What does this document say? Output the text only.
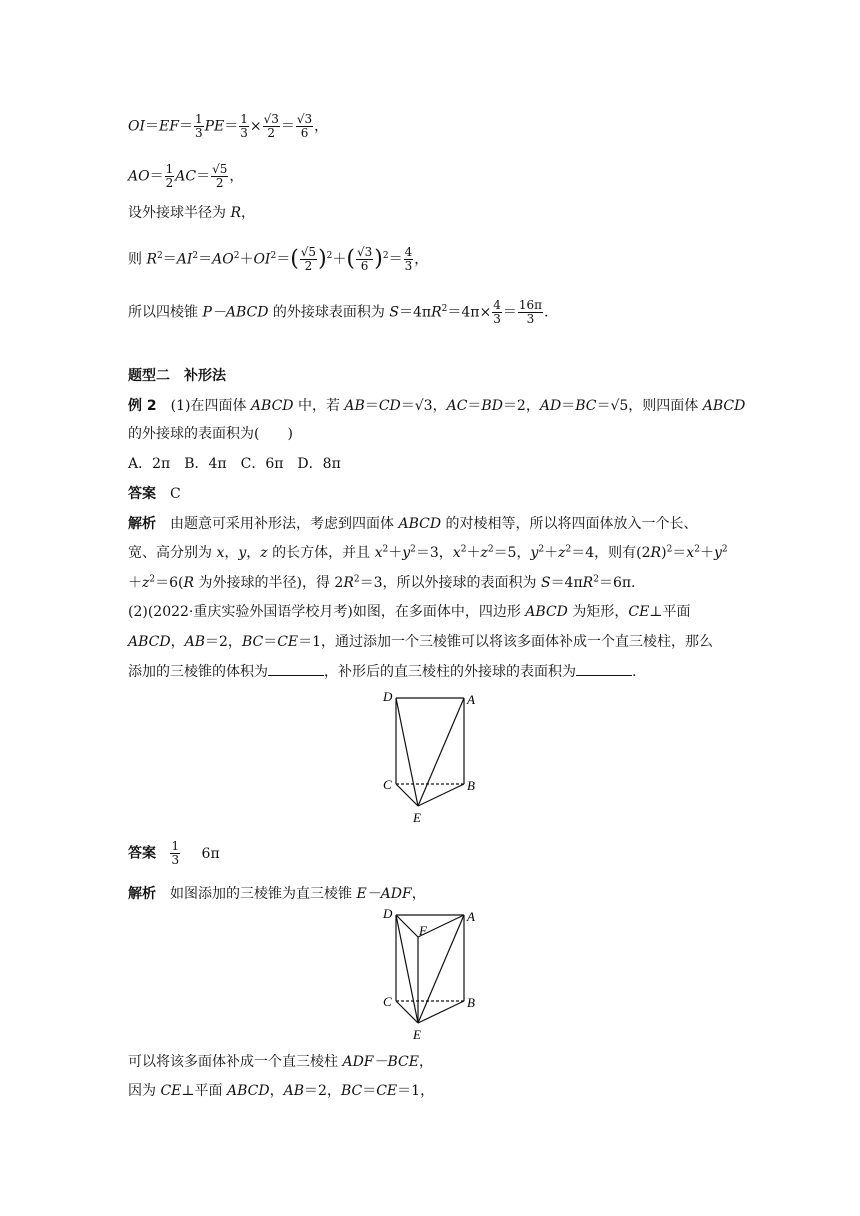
$OI=EF= \frac{1}{3} PE= \frac{1}{3} \times \frac{√3}{2} = \frac{√3}{6}$ ，
$AO= \frac{1}{2} AC= \frac{√5}{2}$ ，
设外接球半径为 R，
则 $R^2=AI^2=AO^2+OI^2=( \frac{√5}{2} )^2+( \frac{√3}{6} )^2= \frac{4}{3}$ ，
所以四棱锥 P－ABCD 的外接球表面积为 $S=4\pi R^2=4\pi\times \frac{4}{3} = \frac{16\pi}{3}$ .
题型二　补形法
例 2　(1)在四面体 ABCD 中，若 AB＝CD＝√3，AC＝BD＝2，AD＝BC＝√5，则四面体 ABCD
的外接球的表面积为(　　)
A．2π　B．4π　C．6π　D．8π
答案　C
解析　由题意可采用补形法，考虑到四面体 ABCD 的对棱相等，所以将四面体放入一个长、
宽、高分别为 x，y，z 的长方体，并且 $x^2+y^2=3$，$x^2+z^2=5$，$y^2+z^2=4$，则有$(2R)^2=x^2+y^2$
$+z^2=6(R$ 为外接球的半径)，得 $2R^2=3$，所以外接球的表面积为 $S=4\pi R^2=6\pi$.
(2)(2022·重庆实验外国语学校月考)如图，在多面体中，四边形 ABCD 为矩形，CE⊥平面
ABCD，AB＝2，BC＝CE＝1，通过添加一个三棱锥可以将该多面体补成一个直三棱柱，那么
添加的三棱锥的体积为	，补形后的直三棱柱的外接球的表面积为	.
D	A
C	B
E
答案 $\frac{1}{3} 6\pi$
解析　如图添加的三棱锥为直三棱锥 E－ADF，
D	A
F
C	B
E
可以将该多面体补成一个直三棱柱 ADF－BCE，
因为 CE⊥平面 ABCD，AB＝2，BC＝CE＝1，
